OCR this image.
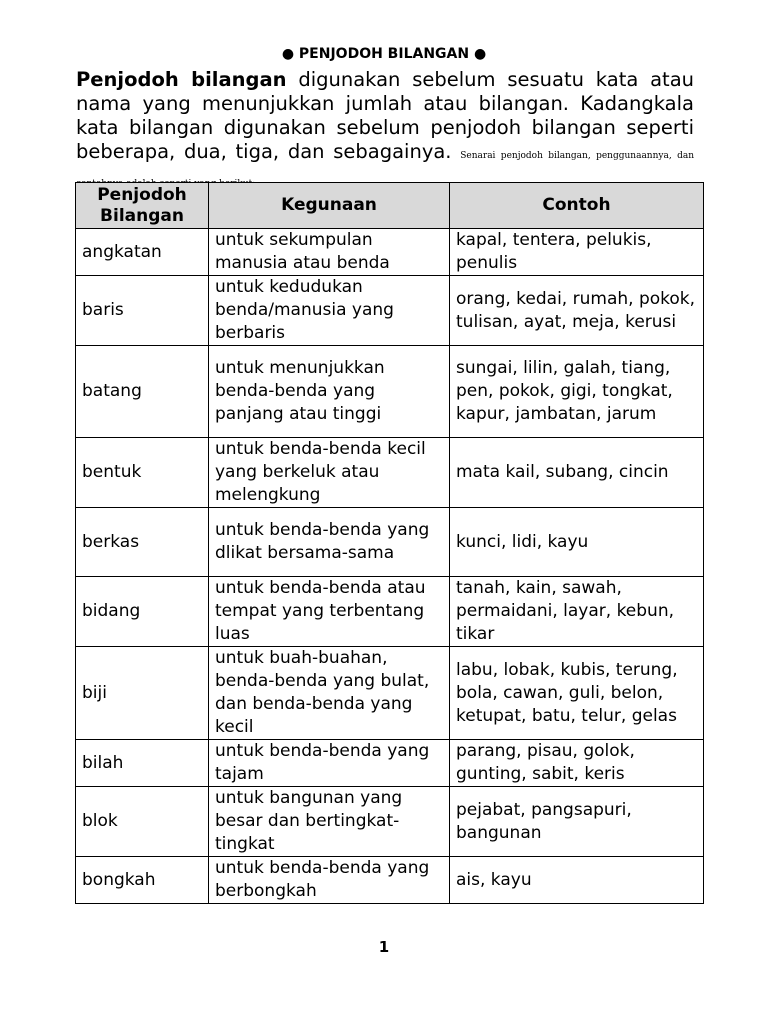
● PENJODOH BILANGAN ●
Penjodoh bilangan digunakan sebelum sesuatu kata atau nama yang menunjukkan jumlah atau bilangan. Kadangkala kata bilangan digunakan sebelum penjodoh bilangan seperti beberapa, dua, tiga, dan sebagainya. Senarai penjodoh bilangan, penggunaannya, dan
Penjodoh Bilangan	Kegunaan	Contoh
angkatan	untuk sekumpulan manusia atau benda	kapal, tentera, pelukis, penulis
baris	untuk kedudukan benda/manusia yang berbaris	orang, kedai, rumah, pokok, tulisan, ayat, meja, kerusi
batang	untuk menunjukkan benda-benda yang panjang atau tinggi	sungai, lilin, galah, tiang, pen, pokok, gigi, tongkat, kapur, jambatan, jarum
bentuk	untuk benda-benda kecil yang berkeluk atau melengkung	mata kail, subang, cincin
berkas	untuk benda-benda yang dlikat bersama-sama	kunci, lidi, kayu
bidang	untuk benda-benda atau tempat yang terbentang luas	tanah, kain, sawah, permaidani, layar, kebun, tikar
biji	untuk buah-buahan, benda-benda yang bulat, dan benda-benda yang kecil	labu, lobak, kubis, terung, bola, cawan, guli, belon, ketupat, batu, telur, gelas
bilah	untuk benda-benda yang tajam	parang, pisau, golok, gunting, sabit, keris
blok	untuk bangunan yang besar dan bertingkat-tingkat	pejabat, pangsapuri, bangunan
bongkah	untuk benda-benda yang berbongkah	ais, kayu
1
